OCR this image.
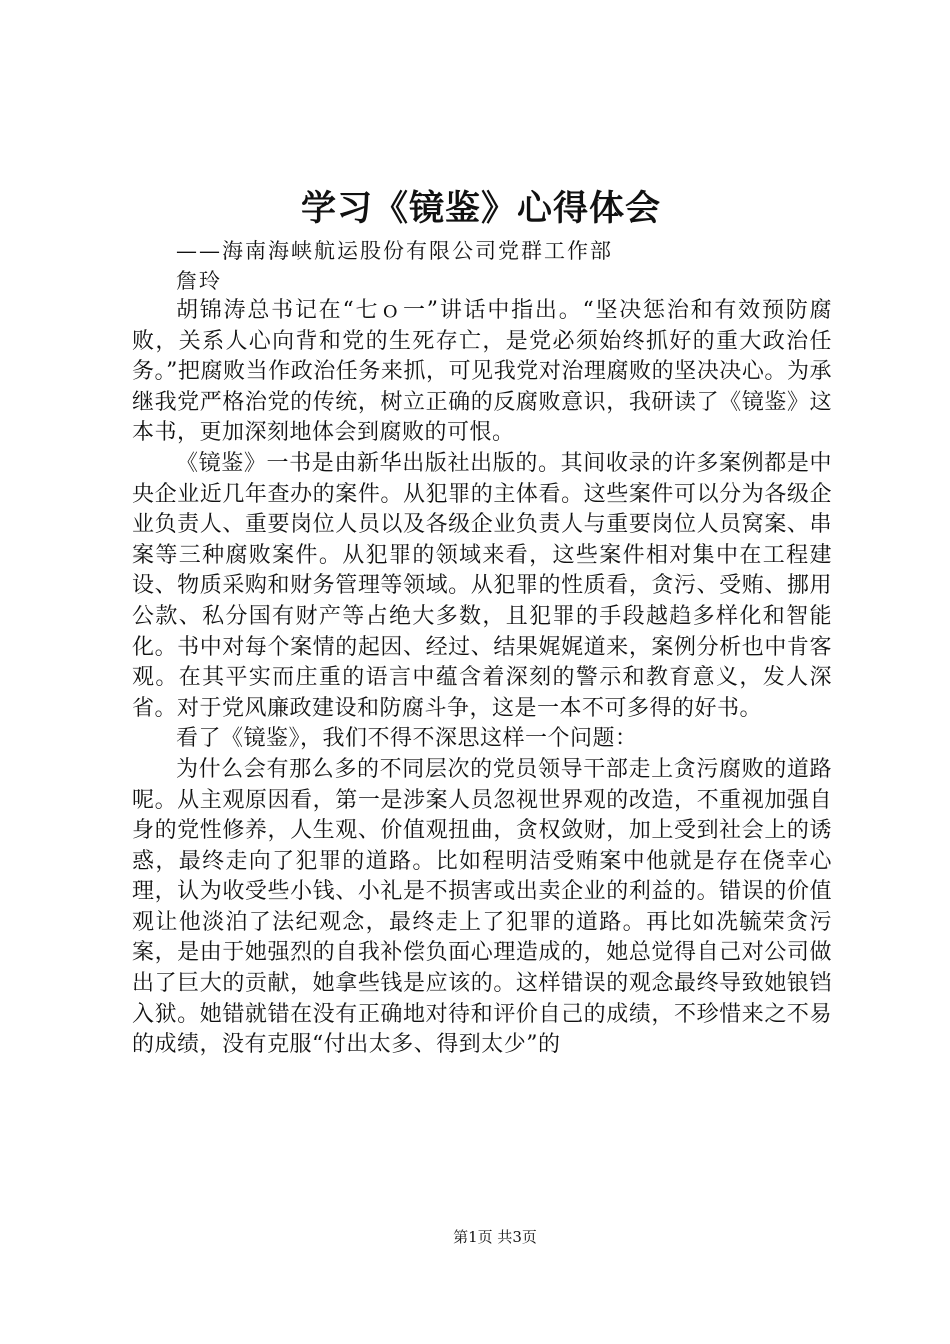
学习《镜鉴》心得体会

——海南海峡航运股份有限公司党群工作部
詹玲

胡锦涛总书记在“七ｏ一”讲话中指出。“坚决惩治和有效预防腐败，关系人心向背和党的生死存亡，是党必须始终抓好的重大政治任务。”把腐败当作政治任务来抓，可见我党对治理腐败的坚决决心。为承继我党严格治党的传统，树立正确的反腐败意识，我研读了《镜鉴》这本书，更加深刻地体会到腐败的可恨。

《镜鉴》一书是由新华出版社出版的。其间收录的许多案例都是中央企业近几年查办的案件。从犯罪的主体看。这些案件可以分为各级企业负责人、重要岗位人员以及各级企业负责人与重要岗位人员窝案、串案等三种腐败案件。从犯罪的领域来看，这些案件相对集中在工程建设、物质采购和财务管理等领域。从犯罪的性质看，贪污、受贿、挪用公款、私分国有财产等占绝大多数，且犯罪的手段越趋多样化和智能化。书中对每个案情的起因、经过、结果娓娓道来，案例分析也中肯客观。在其平实而庄重的语言中蕴含着深刻的警示和教育意义，发人深省。对于党风廉政建设和防腐斗争，这是一本不可多得的好书。

看了《镜鉴》，我们不得不深思这样一个问题：

为什么会有那么多的不同层次的党员领导干部走上贪污腐败的道路呢。从主观原因看，第一是涉案人员忽视世界观的改造，不重视加强自身的党性修养，人生观、价值观扭曲，贪权敛财，加上受到社会上的诱惑，最终走向了犯罪的道路。比如程明洁受贿案中他就是存在侥幸心理，认为收受些小钱、小礼是不损害或出卖企业的利益的。错误的价值观让他淡泊了法纪观念，最终走上了犯罪的道路。再比如冼毓荣贪污案，是由于她强烈的自我补偿负面心理造成的，她总觉得自己对公司做出了巨大的贡献，她拿些钱是应该的。这样错误的观念最终导致她锒铛入狱。她错就错在没有正确地对待和评价自己的成绩，不珍惜来之不易的成绩，没有克服“付出太多、得到太少”的

第1页 共3页
